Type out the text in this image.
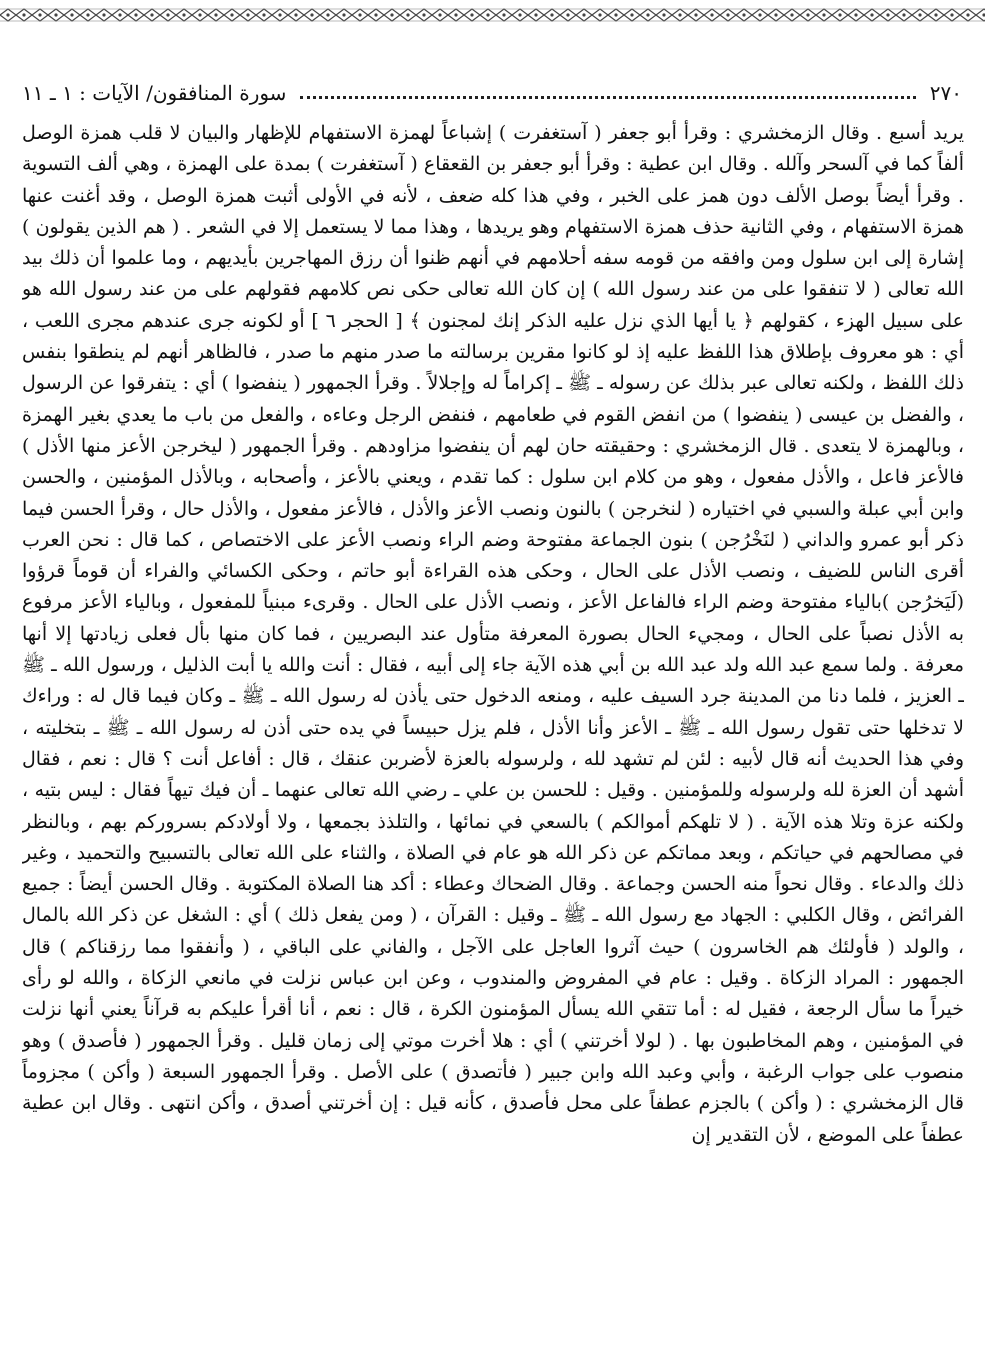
٢٧٠
سورة المنافقون/ الآيات : ١ ـ ١١

يريد أسبع . وقال الزمخشري : وقرأ أبو جعفر ( آستغفرت ) إشباعاً لهمزة الاستفهام للإظهار والبيان لا قلب همزة الوصل ألفاً كما في آلسحر وآلله . وقال ابن عطية : وقرأ أبو جعفر بن القعقاع ( آستغفرت ) بمدة على الهمزة ، وهي ألف التسوية . وقرأ أيضاً بوصل الألف دون همز على الخبر ، وفي هذا كله ضعف ، لأنه في الأولى أثبت همزة الوصل ، وقد أغنت عنها همزة الاستفهام ، وفي الثانية حذف همزة الاستفهام وهو يريدها ، وهذا مما لا يستعمل إلا في الشعر . ( هم الذين يقولون ) إشارة إلى ابن سلول ومن وافقه من قومه سفه أحلامهم في أنهم ظنوا أن رزق المهاجرين بأيديهم ، وما علموا أن ذلك بيد الله تعالى ( لا تنفقوا على من عند رسول الله ) إن كان الله تعالى حكى نص كلامهم فقولهم على من عند رسول الله هو على سبيل الهزء ، كقولهم ﴿ يا أيها الذي نزل عليه الذكر إنك لمجنون ﴾ [ الحجر ٦ ] أو لكونه جرى عندهم مجرى اللعب ، أي : هو معروف بإطلاق هذا اللفظ عليه إذ لو كانوا مقرين برسالته ما صدر منهم ما صدر ، فالظاهر أنهم لم ينطقوا بنفس ذلك اللفظ ، ولكنه تعالى عبر بذلك عن رسوله ـ ﷺ ـ إكراماً له وإجلالاً . وقرأ الجمهور ( ينفضوا ) أي : يتفرقوا عن الرسول ، والفضل بن عيسى ( ينفضوا ) من انفض القوم في طعامهم ، فنفض الرجل وعاءه ، والفعل من باب ما يعدي بغير الهمزة ، وبالهمزة لا يتعدى . قال الزمخشري : وحقيقته حان لهم أن ينفضوا مزاودهم . وقرأ الجمهور ( ليخرجن الأعز منها الأذل ) فالأعز فاعل ، والأذل مفعول ، وهو من كلام ابن سلول : كما تقدم ، ويعني بالأعز ، وأصحابه ، وبالأذل المؤمنين ، والحسن وابن أبي عبلة والسبي في اختياره ( لنخرجن ) بالنون ونصب الأعز والأذل ، فالأعز مفعول ، والأذل حال ، وقرأ الحسن فيما ذكر أبو عمرو والداني ( لنَخْرُجن ) بنون الجماعة مفتوحة وضم الراء ونصب الأعز على الاختصاص ، كما قال : نحن العرب أقرى الناس للضيف ، ونصب الأذل على الحال ، وحكى هذه القراءة أبو حاتم ، وحكى الكسائي والفراء أن قوماً قرؤوا (لَيَخرُجن )بالياء مفتوحة وضم الراء فالفاعل الأعز ، ونصب الأذل على الحال . وقرىء مبنياً للمفعول ، وبالياء الأعز مرفوع به الأذل نصباً على الحال ، ومجيء الحال بصورة المعرفة متأول عند البصريين ، فما كان منها بأل فعلى زيادتها إلا أنها معرفة . ولما سمع عبد الله ولد عبد الله بن أبي هذه الآية جاء إلى أبيه ، فقال : أنت والله يا أبت الذليل ، ورسول الله ـ ﷺ ـ العزيز ، فلما دنا من المدينة جرد السيف عليه ، ومنعه الدخول حتى يأذن له رسول الله ـ ﷺ ـ وكان فيما قال له : وراءك لا تدخلها حتى تقول رسول الله ـ ﷺ ـ الأعز وأنا الأذل ، فلم يزل حبيساً في يده حتى أذن له رسول الله ـ ﷺ ـ بتخليته ، وفي هذا الحديث أنه قال لأبيه : لئن لم تشهد لله ، ولرسوله بالعزة لأضربن عنقك ، قال : أفاعل أنت ؟ قال : نعم ، فقال أشهد أن العزة لله ولرسوله وللمؤمنين . وقيل : للحسن بن علي ـ رضي الله تعالى عنهما ـ أن فيك تيهاً فقال : ليس بتيه ، ولكنه عزة وتلا هذه الآية . ( لا تلهكم أموالكم ) بالسعي في نمائها ، والتلذذ بجمعها ، ولا أولادكم بسروركم بهم ، وبالنظر في مصالحهم في حياتكم ، وبعد مماتكم عن ذكر الله هو عام في الصلاة ، والثناء على الله تعالى بالتسبيح والتحميد ، وغير ذلك والدعاء . وقال نحواً منه الحسن وجماعة . وقال الضحاك وعطاء : أكد هنا الصلاة المكتوبة . وقال الحسن أيضاً : جميع الفرائض ، وقال الكلبي : الجهاد مع رسول الله ـ ﷺ ـ وقيل : القرآن ، ( ومن يفعل ذلك ) أي : الشغل عن ذكر الله بالمال ، والولد ( فأولئك هم الخاسرون ) حيث آثروا العاجل على الآجل ، والفاني على الباقي ، ( وأنفقوا مما رزقناكم ) قال الجمهور : المراد الزكاة . وقيل : عام في المفروض والمندوب ، وعن ابن عباس نزلت في مانعي الزكاة ، والله لو رأى خيراً ما سأل الرجعة ، فقيل له : أما تتقي الله يسأل المؤمنون الكرة ، قال : نعم ، أنا أقرأ عليكم به قرآناً يعني أنها نزلت في المؤمنين ، وهم المخاطبون بها . ( لولا أخرتني ) أي : هلا أخرت موتي إلى زمان قليل . وقرأ الجمهور ( فأصدق ) وهو منصوب على جواب الرغبة ، وأبي وعبد الله وابن جبير ( فأتصدق ) على الأصل . وقرأ الجمهور السبعة ( وأكن ) مجزوماً قال الزمخشري : ( وأكن ) بالجزم عطفاً على محل فأصدق ، كأنه قيل : إن أخرتني أصدق ، وأكن انتهى . وقال ابن عطية عطفاً على الموضع ، لأن التقدير إن
